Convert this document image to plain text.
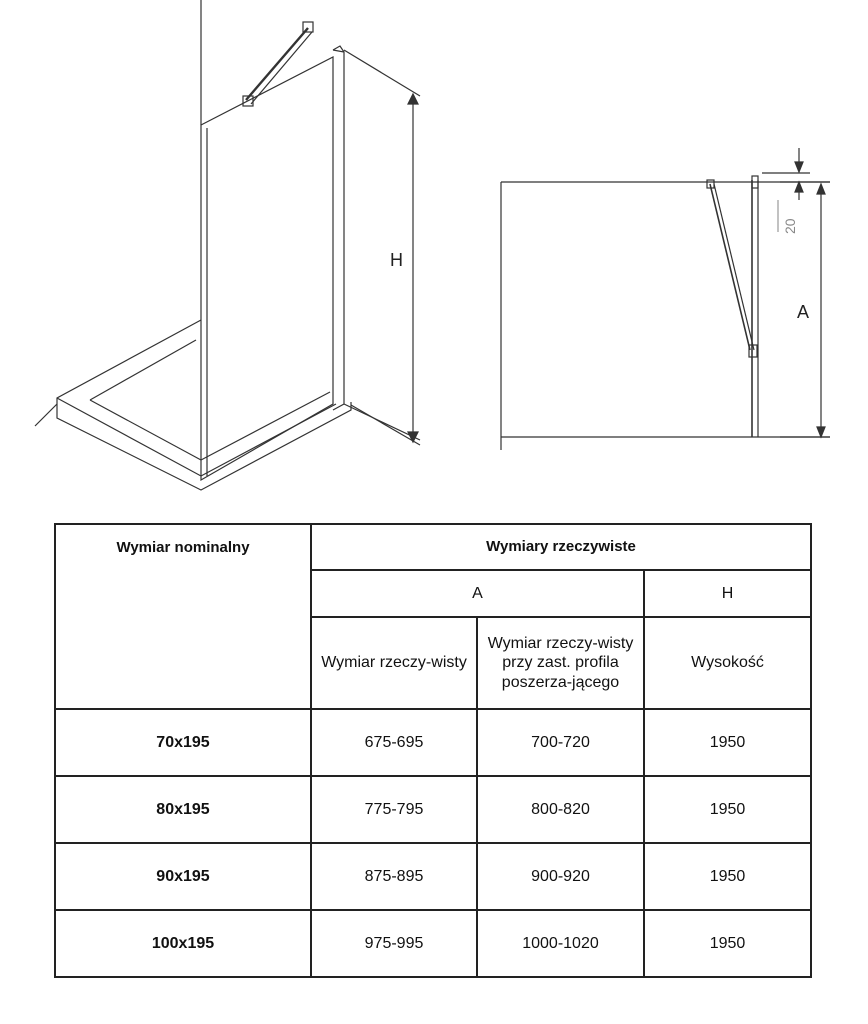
H
A
20
Wymiar nominalny	Wymiary rzeczywiste		
	A		H
	Wymiar rzeczy-wisty	Wymiar rzeczy-wisty przy zast. profila poszerza-jącego	Wysokość
70x195	675-695	700-720	1950
80x195	775-795	800-820	1950
90x195	875-895	900-920	1950
100x195	975-995	1000-1020	1950
